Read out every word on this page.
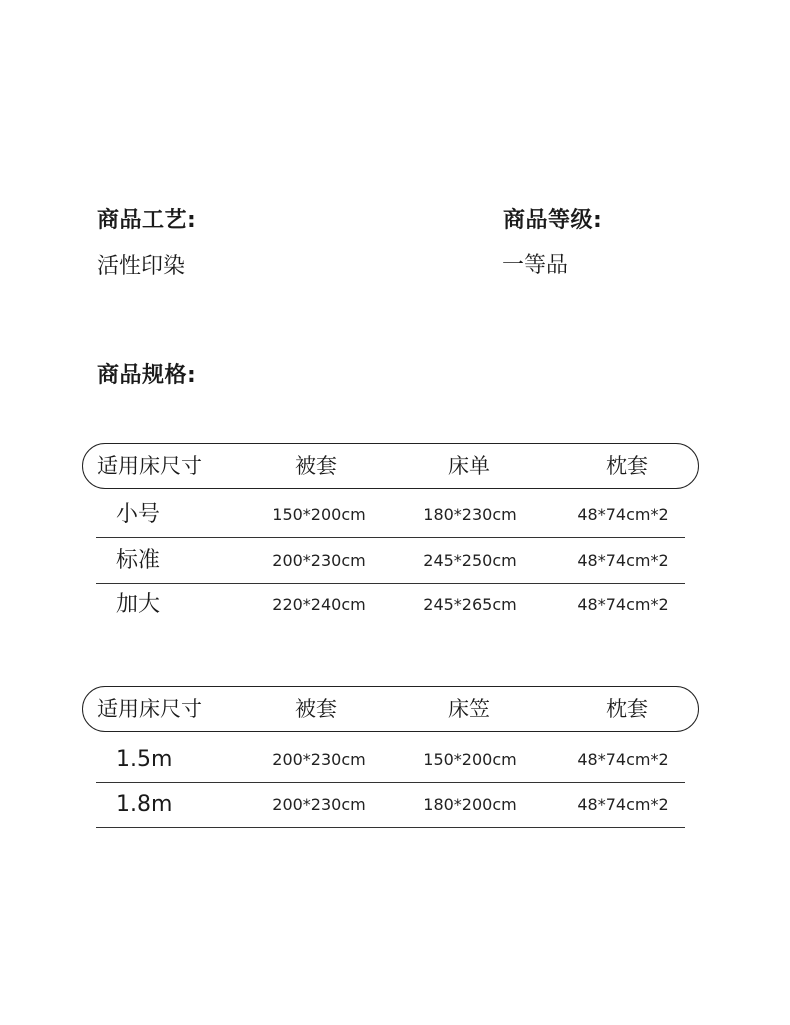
商品工艺:
活性印染
商品等级:
一等品
商品规格:
适用床尺寸	被套	床单	枕套
小号	150*200cm	180*230cm	48*74cm*2
标准	200*230cm	245*250cm	48*74cm*2
加大	220*240cm	245*265cm	48*74cm*2
适用床尺寸	被套	床笠	枕套
1.5m	200*230cm	150*200cm	48*74cm*2
1.8m	200*230cm	180*200cm	48*74cm*2
